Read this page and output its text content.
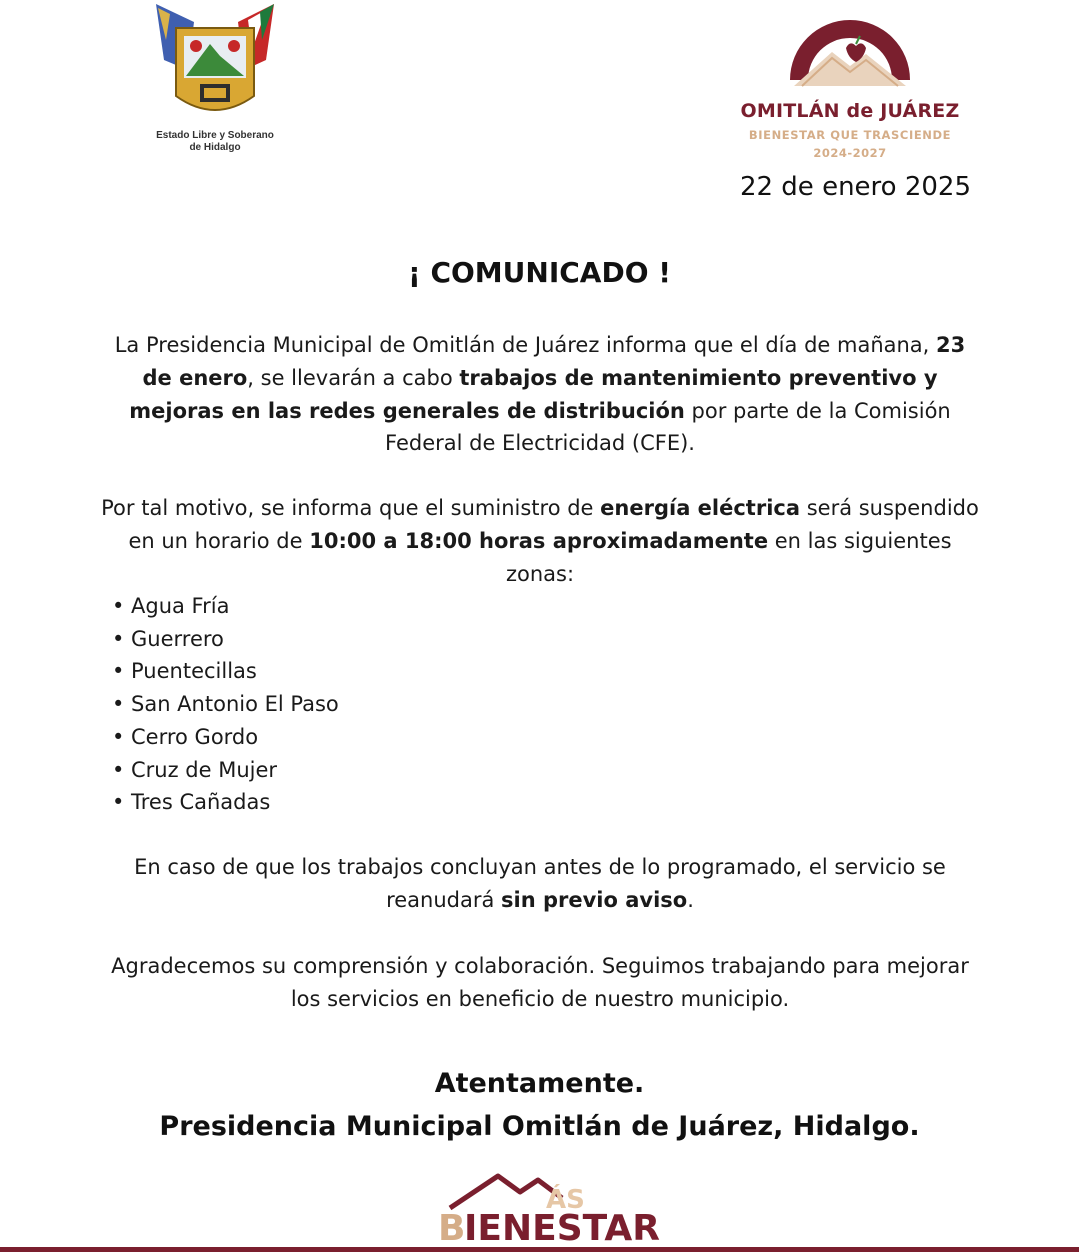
Estado Libre y Soberano
de Hidalgo
OMITLÁN de JUÁREZ
BIENESTAR QUE TRASCIENDE
2024-2027
22 de enero 2025
¡ COMUNICADO !
La Presidencia Municipal de Omitlán de Juárez informa que el día de mañana, 23 de enero, se llevarán a cabo trabajos de mantenimiento preventivo y mejoras en las redes generales de distribución por parte de la Comisión Federal de Electricidad (CFE).
Por tal motivo, se informa que el suministro de energía eléctrica será suspendido en un horario de 10:00 a 18:00 horas aproximadamente en las siguientes zonas:
• Agua Fría
• Guerrero
• Puentecillas
• San Antonio El Paso
• Cerro Gordo
• Cruz de Mujer
• Tres Cañadas
En caso de que los trabajos concluyan antes de lo programado, el servicio se reanudará sin previo aviso.
Agradecemos su comprensión y colaboración. Seguimos trabajando para mejorar los servicios en beneficio de nuestro municipio.
Atentamente.
Presidencia Municipal Omitlán de Juárez, Hidalgo.
ÁS
B
IENESTAR
